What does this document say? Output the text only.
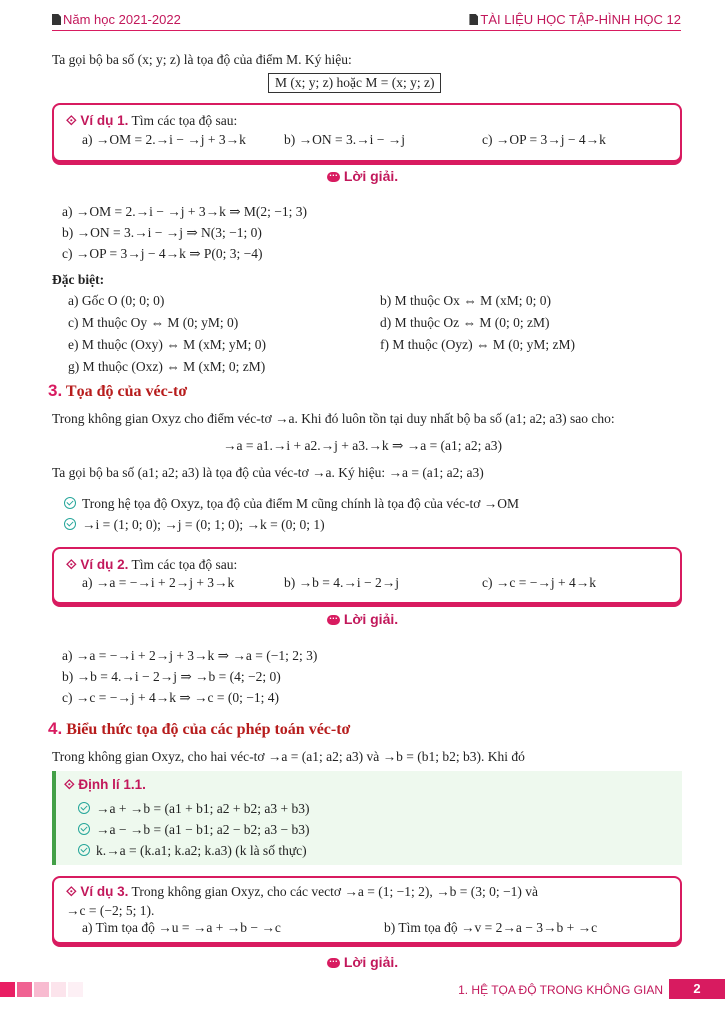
Năm học 2021-2022	TÀI LIỆU HỌC TẬP-HÌNH HỌC 12
Ta gọi bộ ba số (x; y; z) là tọa độ của điểm M. Ký hiệu:
M (x; y; z) hoặc M = (x; y; z)
⟐ Ví dụ 1. Tìm các tọa độ sau:
a) →OM = 2.→i − →j + 3→k	b) →ON = 3.→i − →j	c) →OP = 3→j − 4→k
…Lời giải.
a) →OM = 2.→i − →j + 3→k ⇒ M(2; −1; 3)
b) →ON = 3.→i − →j ⇒ N(3; −1; 0)
c) →OP = 3→j − 4→k ⇒ P(0; 3; −4)
Đặc biệt:
a) Gốc O (0; 0; 0)	b) M thuộc Ox ⇔ M (xM; 0; 0)
c) M thuộc Oy ⇔ M (0; yM; 0)	d) M thuộc Oz ⇔ M (0; 0; zM)
e) M thuộc (Oxy) ⇔ M (xM; yM; 0)	f) M thuộc (Oyz) ⇔ M (0; yM; zM)
g) M thuộc (Oxz) ⇔ M (xM; 0; zM)
3. Tọa độ của véc-tơ
Trong không gian Oxyz cho điểm véc-tơ →a. Khi đó luôn tồn tại duy nhất bộ ba số (a1; a2; a3) sao cho:
→a = a1.→i + a2.→j + a3.→k ⇒ →a = (a1; a2; a3)
Ta gọi bộ ba số (a1; a2; a3) là tọa độ của véc-tơ →a. Ký hiệu: →a = (a1; a2; a3)
Trong hệ tọa độ Oxyz, tọa độ của điểm M cũng chính là tọa độ của véc-tơ →OM
→i = (1; 0; 0); →j = (0; 1; 0); →k = (0; 0; 1)
⟐ Ví dụ 2. Tìm các tọa độ sau:
a) →a = −→i + 2→j + 3→k	b) →b = 4.→i − 2→j	c) →c = −→j + 4→k
…Lời giải.
a) →a = −→i + 2→j + 3→k ⇒ →a = (−1; 2; 3)
b) →b = 4.→i − 2→j ⇒ →b = (4; −2; 0)
c) →c = −→j + 4→k ⇒ →c = (0; −1; 4)
4. Biểu thức tọa độ của các phép toán véc-tơ
Trong không gian Oxyz, cho hai véc-tơ →a = (a1; a2; a3) và →b = (b1; b2; b3). Khi đó
⟐ Định lí 1.1.
→a + →b = (a1 + b1; a2 + b2; a3 + b3)
→a − →b = (a1 − b1; a2 − b2; a3 − b3)
k.→a = (k.a1; k.a2; k.a3) (k là số thực)
⟐ Ví dụ 3. Trong không gian Oxyz, cho các vectơ →a = (1; −1; 2), →b = (3; 0; −1) và
→c = (−2; 5; 1).
a) Tìm tọa độ →u = →a + →b − →c	b) Tìm tọa độ →v = 2→a − 3→b + →c
…Lời giải.
1. HỆ TỌA ĐỘ TRONG KHÔNG GIAN	2
